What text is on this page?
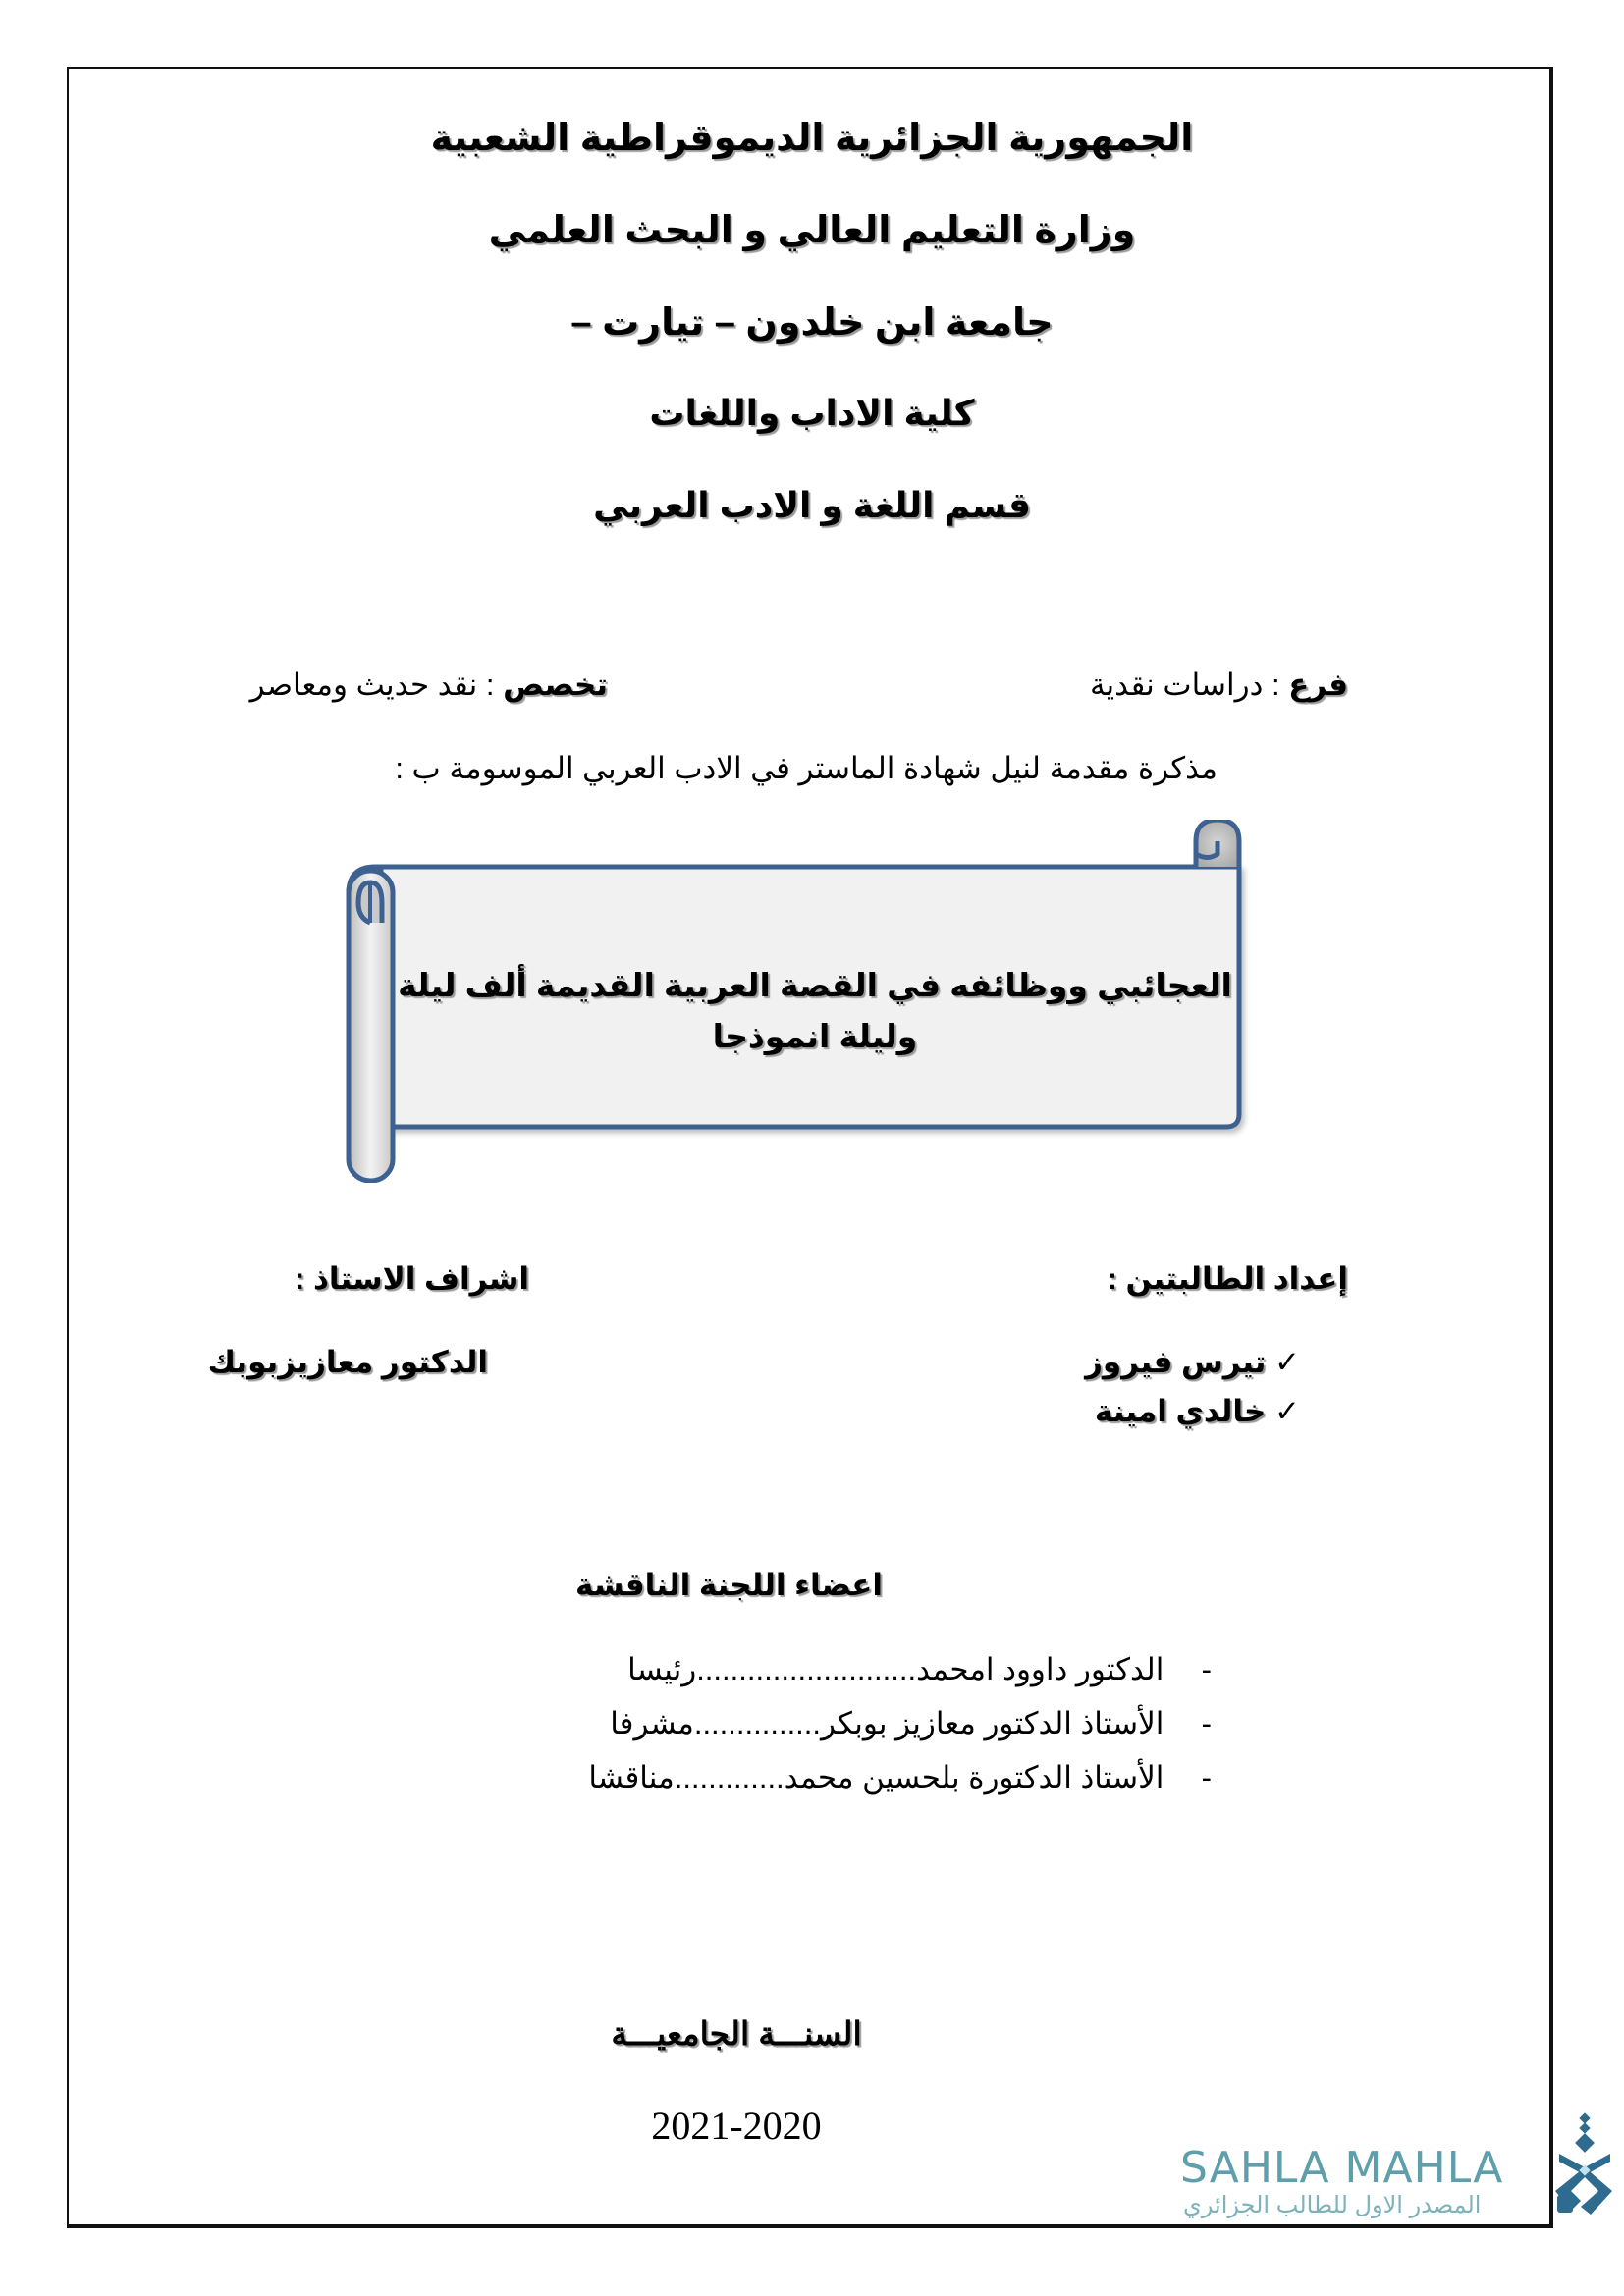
الجمهورية الجزائرية الديموقراطية الشعبية
وزارة التعليم العالي و البحث العلمي
جامعة ابن خلدون – تيارت –
كلية الاداب واللغات
قسم اللغة و الادب العربي
فرع : دراسات نقدية
تخصص : نقد حديث ومعاصر
مذكرة مقدمة لنيل شهادة الماستر في الادب العربي الموسومة ب :
العجائبي ووظائفه في القصة العربية القديمة ألف ليلة
وليلة انموذجا
إعداد الطالبتين :
اشراف الاستاذ :
✓ تيرس فيروز
✓ خالدي امينة
الدكتور معازيزبوبك
اعضاء اللجنة الناقشة
- الدكتور داوود امحمد..........................رئيسا
- الأستاذ الدكتور معازيز بوبكر...............مشرفا
- الأستاذ الدكتورة بلحسين محمد.............مناقشا
السنـــة الجامعيـــة
2021-2020
SAHLA MAHLA
المصدر الاول للطالب الجزائري
